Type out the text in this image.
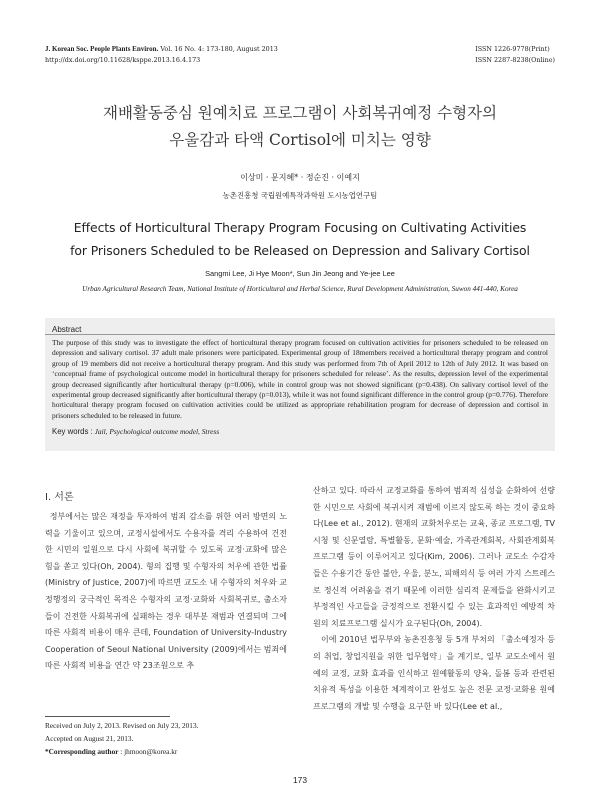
J. Korean Soc. People Plants Environ. Vol. 16 No. 4: 173-180, August 2013
http://dx.doi.org/10.11628/ksppe.2013.16.4.173
ISSN 1226-9778(Print)
ISSN 2287-8238(Online)
재배활동중심 원예치료 프로그램이 사회복귀예정 수형자의
우울감과 타액 Cortisol에 미치는 영향
이상미 · 문지혜* · 정순진 · 이예지
농촌진흥청 국립원예특작과학원 도시농업연구팀
Effects of Horticultural Therapy Program Focusing on Cultivating Activities
for Prisoners Scheduled to be Released on Depression and Salivary Cortisol
Sangmi Lee, Ji Hye Moon*, Sun Jin Jeong and Ye-jee Lee
Urban Agricultural Research Team, National Institute of Horticultural and Herbal Science, Rural Development Administration, Suwon 441-440, Korea
Abstract

The purpose of this study was to investigate the effect of horticultural therapy program focused on cultivation activities for prisoners scheduled to be released on depression and salivary cortisol. 37 adult male prisoners were participated. Experimental group of 18members received a horticultural therapy program and control group of 19 members did not receive a horticultural therapy program. And this study was performed from 7th of April 2012 to 12th of July 2012. It was based on ‘conceptual frame of psychological outcome model in horticultural therapy for prisoners scheduled for release’. As the results, depression level of the experimental group decreased significantly after horticultural therapy (p=0.006), while in control group was not showed significant (p=0.438). On salivary cortisol level of the experimental group decreased significantly after horticultural therapy (p=0.013), while it was not found significant difference in the control group (p=0.776). Therefore horticultural therapy program focused on cultivation activities could be utilized as appropriate rehabilitation program for decrease of depression and cortisol in prisoners scheduled to be released in future.

Key words : Jail, Psychological outcome model, Stress
Ⅰ. 서론

정부에서는 많은 재정을 투자하여 범죄 감소를 위한 여러 방면의 노력을 기울이고 있으며, 교정시설에서도 수용자를 격리 수용하여 건전한 시민의 일원으로 다시 사회에 복귀할 수 있도록 교정·교화에 많은 힘을 쏟고 있다(Oh, 2004). 형의 집행 및 수형자의 처우에 관한 법률(Ministry of Justice, 2007)에 따르면 교도소 내 수형자의 처우와 교정행정의 궁극적인 목적은 수형자의 교정·교화와 사회복귀로, 출소자들이 건전한 사회복귀에 실패하는 경우 대부분 재범과 연결되며 그에 따른 사회적 비용이 매우 큰데, Foundation of University-Industry Cooperation of Seoul National University (2009)에서는 범죄에 따른 사회적 비용을 연간 약 23조원으로 추

산하고 있다. 따라서 교정교화를 통하여 범죄적 심성을 순화하여 선량한 시민으로 사회에 복귀시켜 재범에 이르지 않도록 하는 것이 중요하다(Lee et al., 2012). 현재의 교화처우로는 교육, 종교 프로그램, TV 시청 및 신문열람, 특별활동, 문화·예술, 가족관계회복, 사회관계회복 프로그램 등이 이루어지고 있다(Kim, 2006). 그러나 교도소 수감자들은 수용기간 동안 불안, 우울, 분노, 피해의식 등 여러 가지 스트레스로 정신적 어려움을 겪기 때문에 이러한 심리적 문제들을 완화시키고 부정적인 사고들을 긍정적으로 전환시킬 수 있는 효과적인 예방적 차원의 치료프로그램 실시가 요구된다(Oh, 2004).

이에 2010년 법무부와 농촌진흥청 등 5개 부처의 「출소예정자 등의 취업, 창업지원을 위한 업무협약」을 계기로, 일부 교도소에서 원예의 교정, 교화 효과를 인식하고 원예활동의 양육, 돌봄 등과 관련된 치유적 특성을 이용한 체계적이고 완성도 높은 전문 교정·교화용 원예프로그램의 개발 및 수행을 요구한 바 있다(Lee et al.,

Received on July 2, 2013. Revised on July 23, 2013.
Accepted on August 21, 2013.
*Corresponding author : jhmoon@korea.kr
173
